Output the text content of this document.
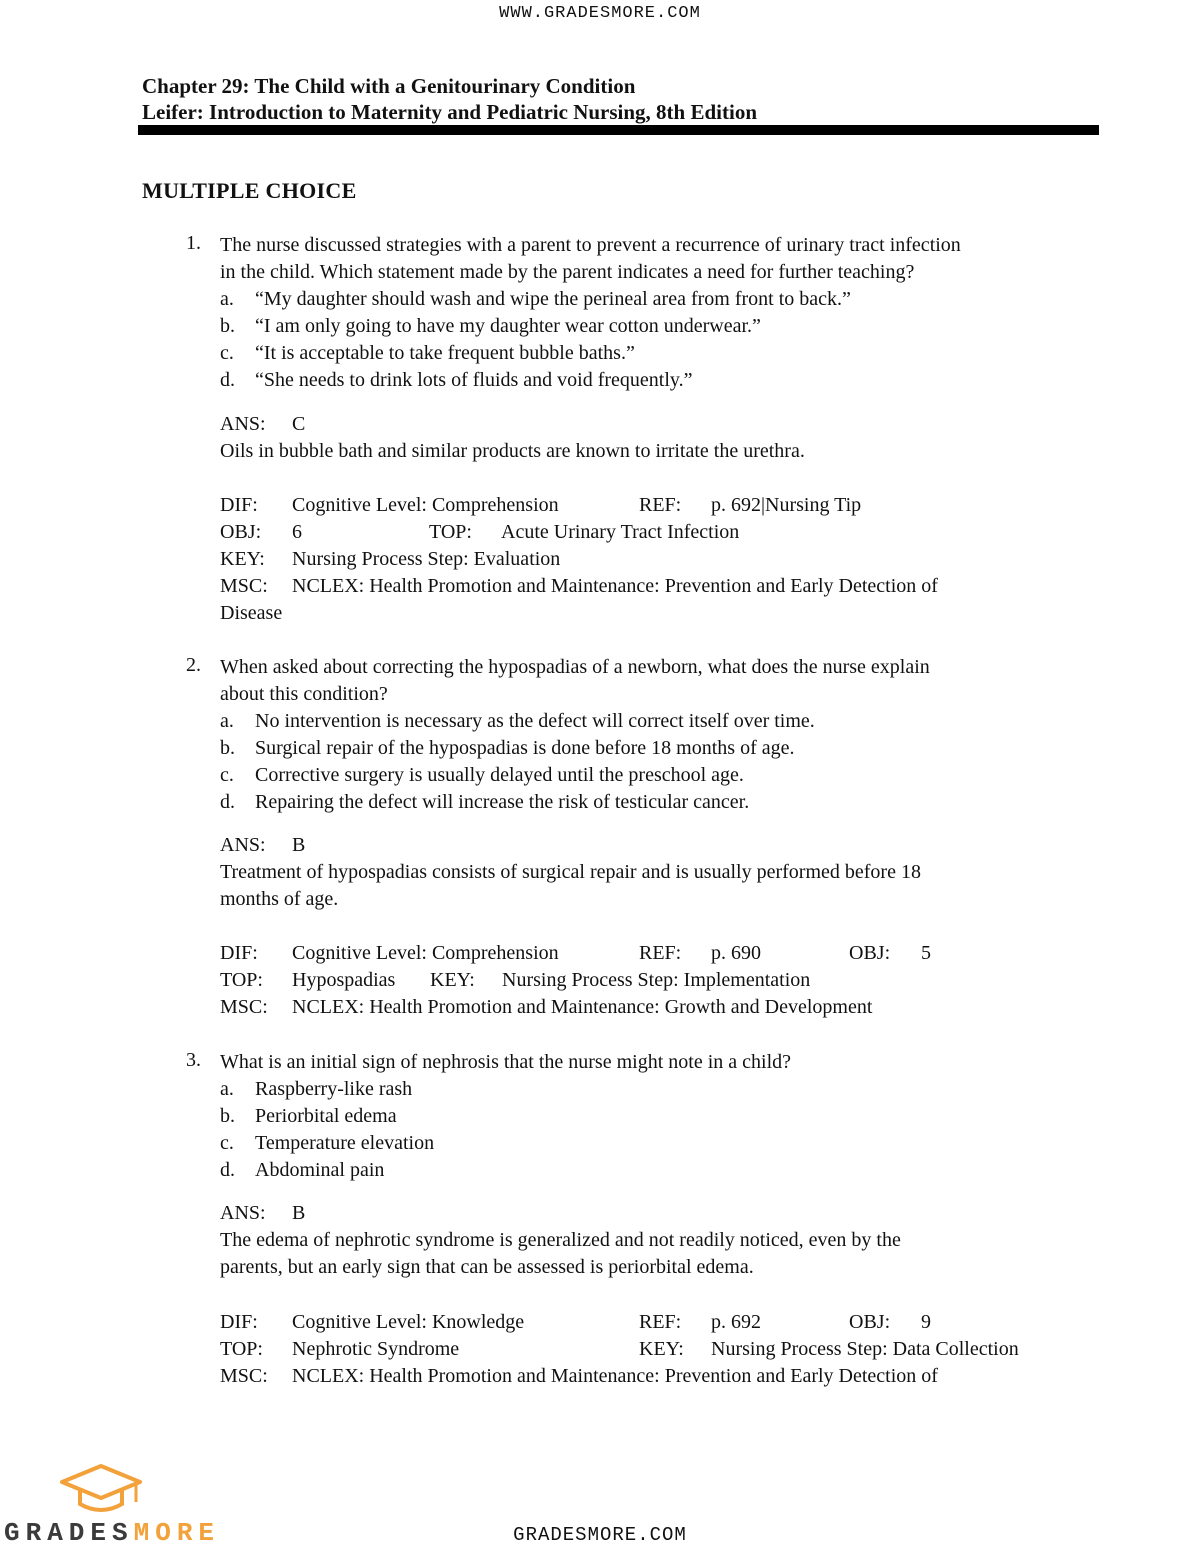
WWW.GRADESMORE.COM
Chapter 29: The Child with a Genitourinary Condition
Leifer: Introduction to Maternity and Pediatric Nursing, 8th Edition
MULTIPLE CHOICE
1. The nurse discussed strategies with a parent to prevent a recurrence of urinary tract infection
in the child. Which statement made by the parent indicates a need for further teaching?
a. “My daughter should wash and wipe the perineal area from front to back.”
b. “I am only going to have my daughter wear cotton underwear.”
c. “It is acceptable to take frequent bubble baths.”
d. “She needs to drink lots of fluids and void frequently.”
ANS: C
Oils in bubble bath and similar products are known to irritate the urethra.
DIF: Cognitive Level: Comprehension	REF: p. 692|Nursing Tip
OBJ: 6	TOP: Acute Urinary Tract Infection
KEY: Nursing Process Step: Evaluation
MSC: NCLEX: Health Promotion and Maintenance: Prevention and Early Detection of
Disease
2. When asked about correcting the hypospadias of a newborn, what does the nurse explain
about this condition?
a. No intervention is necessary as the defect will correct itself over time.
b. Surgical repair of the hypospadias is done before 18 months of age.
c. Corrective surgery is usually delayed until the preschool age.
d. Repairing the defect will increase the risk of testicular cancer.
ANS: B
Treatment of hypospadias consists of surgical repair and is usually performed before 18
months of age.
DIF: Cognitive Level: Comprehension	REF: p. 690	OBJ: 5
TOP: Hypospadias KEY: Nursing Process Step: Implementation
MSC: NCLEX: Health Promotion and Maintenance: Growth and Development
3. What is an initial sign of nephrosis that the nurse might note in a child?
a. Raspberry-like rash
b. Periorbital edema
c. Temperature elevation
d. Abdominal pain
ANS: B
The edema of nephrotic syndrome is generalized and not readily noticed, even by the
parents, but an early sign that can be assessed is periorbital edema.
DIF: Cognitive Level: Knowledge	REF: p. 692	OBJ: 9
TOP: Nephrotic Syndrome	KEY: Nursing Process Step: Data Collection
MSC: NCLEX: Health Promotion and Maintenance: Prevention and Early Detection of
GRADESMORE	GRADESMORE.COM
